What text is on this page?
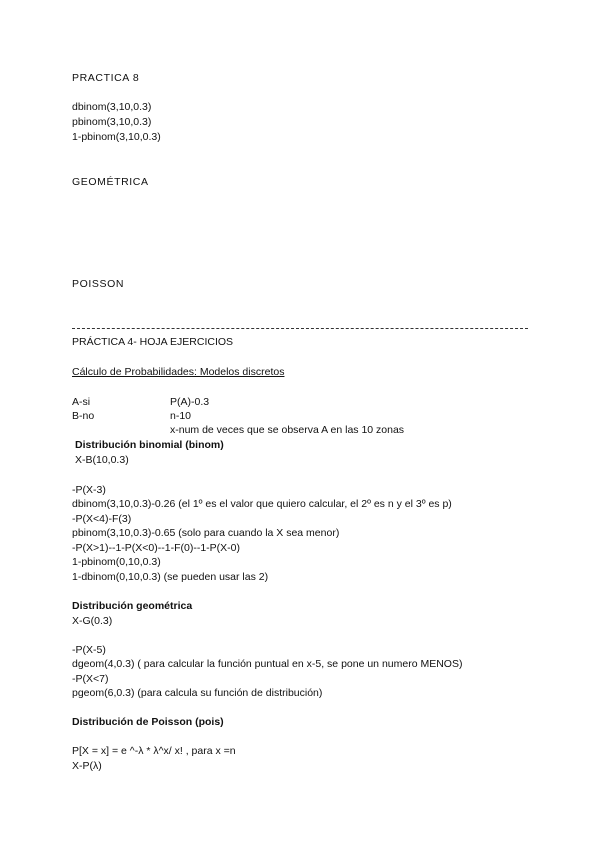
PRACTICA 8
dbinom(3,10,0.3)
pbinom(3,10,0.3)
1-pbinom(3,10,0.3)
GEOMÉTRICA
POISSON
PRÁCTICA 4- HOJA EJERCICIOS
Cálculo de Probabilidades: Modelos discretos
A-si	P(A)-0.3
B-no	n-10
x-num de veces que se observa A en las 10 zonas
Distribución binomial (binom)
X-B(10,0.3)
-P(X-3)
dbinom(3,10,0.3)-0.26 (el 1º es el valor que quiero calcular, el 2º es n y el 3º es p)
-P(X<4)-F(3)
pbinom(3,10,0.3)-0.65 (solo para cuando la X sea menor)
-P(X>1)--1-P(X<0)--1-F(0)--1-P(X-0)
1-pbinom(0,10,0.3)
1-dbinom(0,10,0.3) (se pueden usar las 2)
Distribución geométrica
X-G(0.3)
-P(X-5)
dgeom(4,0.3) ( para calcular la función puntual en x-5, se pone un numero MENOS)
-P(X<7)
pgeom(6,0.3) (para calcula su función de distribución)
Distribución de Poisson (pois)
P[X = x] = e ^-λ * λ^x/ x! , para x =n
X-P(λ)
